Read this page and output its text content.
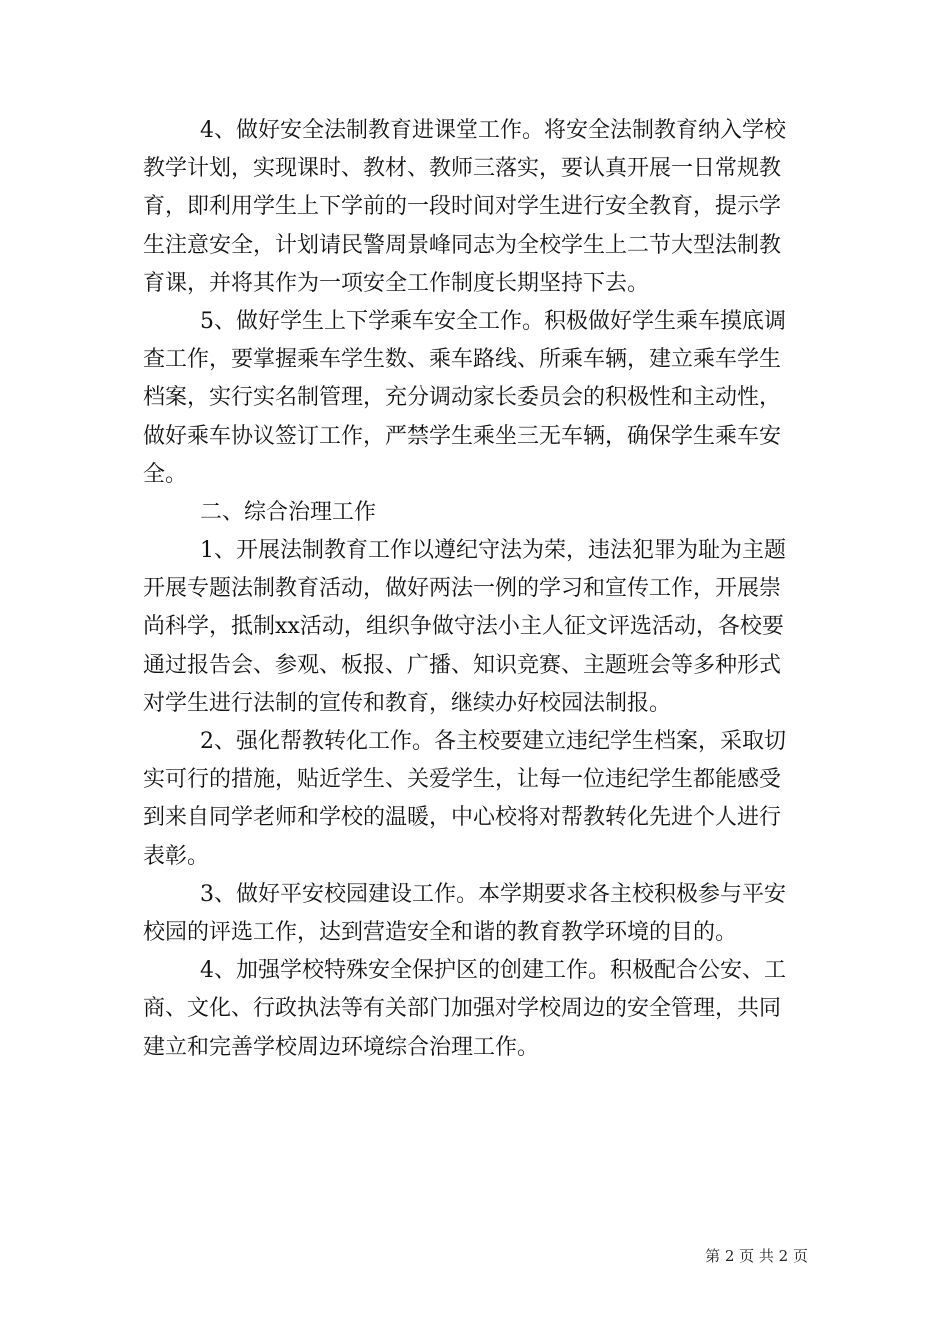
4、做好安全法制教育进课堂工作。将安全法制教育纳入学校
教学计划，实现课时、教材、教师三落实，要认真开展一日常规教
育，即利用学生上下学前的一段时间对学生进行安全教育，提示学
生注意安全，计划请民警周景峰同志为全校学生上二节大型法制教
育课，并将其作为一项安全工作制度长期坚持下去。
5、做好学生上下学乘车安全工作。积极做好学生乘车摸底调
查工作，要掌握乘车学生数、乘车路线、所乘车辆，建立乘车学生
档案，实行实名制管理，充分调动家长委员会的积极性和主动性，
做好乘车协议签订工作，严禁学生乘坐三无车辆，确保学生乘车安
全。
二、综合治理工作
1、开展法制教育工作以遵纪守法为荣，违法犯罪为耻为主题
开展专题法制教育活动，做好两法一例的学习和宣传工作，开展崇
尚科学，抵制xx活动，组织争做守法小主人征文评选活动，各校要
通过报告会、参观、板报、广播、知识竞赛、主题班会等多种形式
对学生进行法制的宣传和教育，继续办好校园法制报。
2、强化帮教转化工作。各主校要建立违纪学生档案，采取切
实可行的措施，贴近学生、关爱学生，让每一位违纪学生都能感受
到来自同学老师和学校的温暖，中心校将对帮教转化先进个人进行
表彰。
3、做好平安校园建设工作。本学期要求各主校积极参与平安
校园的评选工作，达到营造安全和谐的教育教学环境的目的。
4、加强学校特殊安全保护区的创建工作。积极配合公安、工
商、文化、行政执法等有关部门加强对学校周边的安全管理，共同
建立和完善学校周边环境综合治理工作。
第 2 页 共 2 页
